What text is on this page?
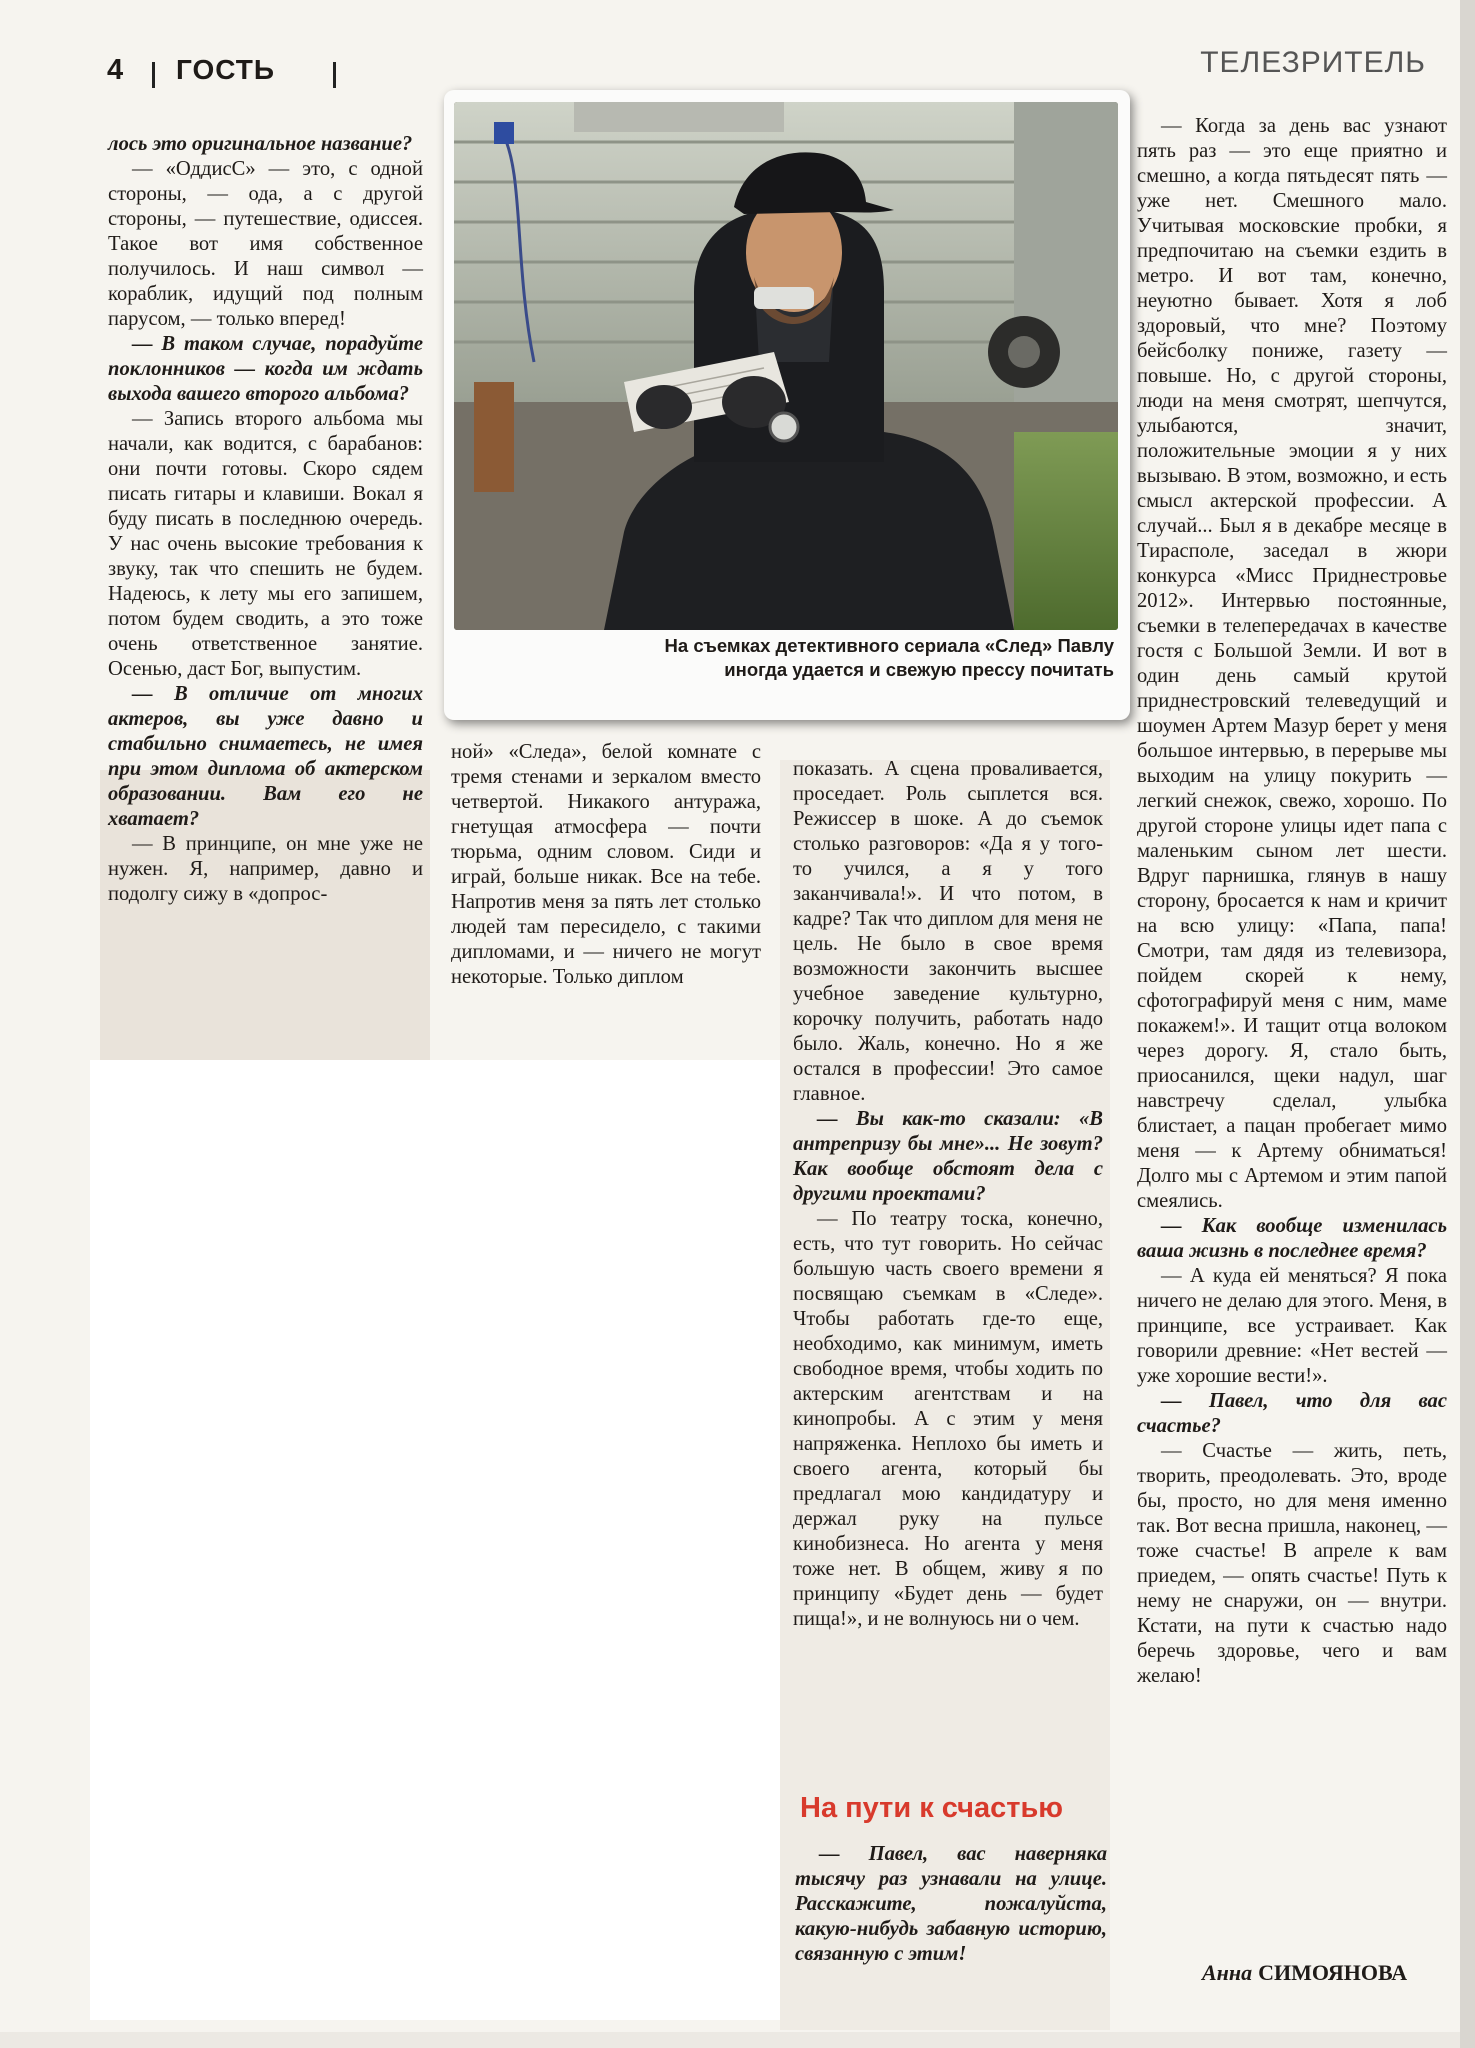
4 ГОСТЬ	ТЕЛЕЗРИТЕЛЬ

лось это оригинальное название?

— «ОддисС» — это, с одной стороны, — ода, а с другой стороны, — путешествие, одиссея. Такое вот имя собственное получилось. И наш символ — кораблик, идущий под полным парусом, — только вперед!

— В таком случае, порадуйте поклонников — когда им ждать выхода вашего второго альбома?

— Запись второго альбома мы начали, как водится, с барабанов: они почти готовы. Скоро сядем писать гитары и клавиши. Вокал я буду писать в последнюю очередь. У нас очень высокие требования к звуку, так что спешить не будем. Надеюсь, к лету мы его запишем, потом будем сводить, а это тоже очень ответственное занятие. Осенью, даст Бог, выпустим.

— В отличие от многих актеров, вы уже давно и стабильно снимаетесь, не имея при этом диплома об актерском образовании. Вам его не хватает?

— В принципе, он мне уже не нужен. Я, например, давно и подолгу сижу в «допрос-

На съемках детективного сериала «След» Павлу
иногда удается и свежую прессу почитать

ной» «Следа», белой комнате с тремя стенами и зеркалом вместо четвертой. Никакого антуража, гнетущая атмосфера — почти тюрьма, одним словом. Сиди и играй, больше никак. Все на тебе. Напротив меня за пять лет столько людей там пересидело, с такими дипломами, и — ничего не могут некоторые. Только диплом

показать. А сцена проваливается, проседает. Роль сыплется вся. Режиссер в шоке. А до съемок столько разговоров: «Да я у того-то учился, а я у того заканчивала!». И что потом, в кадре? Так что диплом для меня не цель. Не было в свое время возможности закончить высшее учебное заведение культурно, корочку получить, работать надо было. Жаль, конечно. Но я же остался в профессии! Это самое главное.

— Вы как-то сказали: «В антрепризу бы мне»... Не зовут? Как вообще обстоят дела с другими проектами?

— По театру тоска, конечно, есть, что тут говорить. Но сейчас большую часть своего времени я посвящаю съемкам в «Следе». Чтобы работать где-то еще, необходимо, как минимум, иметь свободное время, чтобы ходить по актерским агентствам и на кинопробы. А с этим у меня напряженка. Неплохо бы иметь и своего агента, который бы предлагал мою кандидатуру и держал руку на пульсе кинобизнеса. Но агента у меня тоже нет. В общем, живу я по принципу «Будет день — будет пища!», и не волнуюсь ни о чем.

На пути к счастью

— Павел, вас наверняка тысячу раз узнавали на улице. Расскажите, пожалуйста, какую-нибудь забавную историю, связанную с этим!

— Когда за день вас узнают пять раз — это еще приятно и смешно, а когда пятьдесят пять — уже нет. Смешного мало. Учитывая московские пробки, я предпочитаю на съемки ездить в метро. И вот там, конечно, неуютно бывает. Хотя я лоб здоровый, что мне? Поэтому бейсболку пониже, газету — повыше. Но, с другой стороны, люди на меня смотрят, шепчутся, улыбаются, значит, положительные эмоции я у них вызываю. В этом, возможно, и есть смысл актерской профессии. А случай... Был я в декабре месяце в Тирасполе, заседал в жюри конкурса «Мисс Приднестровье 2012». Интервью постоянные, съемки в телепередачах в качестве гостя с Большой Земли. И вот в один день самый крутой приднестровский телеведущий и шоумен Артем Мазур берет у меня большое интервью, в перерыве мы выходим на улицу покурить — легкий снежок, свежо, хорошо. По другой стороне улицы идет папа с маленьким сыном лет шести. Вдруг парнишка, глянув в нашу сторону, бросается к нам и кричит на всю улицу: «Папа, папа! Смотри, там дядя из телевизора, пойдем скорей к нему, сфотографируй меня с ним, маме покажем!». И тащит отца волоком через дорогу. Я, стало быть, приосанился, щеки надул, шаг навстречу сделал, улыбка блистает, а пацан пробегает мимо меня — к Артему обниматься! Долго мы с Артемом и этим папой смеялись.

— Как вообще изменилась ваша жизнь в последнее время?

— А куда ей меняться? Я пока ничего не делаю для этого. Меня, в принципе, все устраивает. Как говорили древние: «Нет вестей — уже хорошие вести!».

— Павел, что для вас счастье?

— Счастье — жить, петь, творить, преодолевать. Это, вроде бы, просто, но для меня именно так. Вот весна пришла, наконец, — тоже счастье! В апреле к вам приедем, — опять счастье! Путь к нему не снаружи, он — внутри. Кстати, на пути к счастью надо беречь здоровье, чего и вам желаю!

Анна СИМОЯНОВА
